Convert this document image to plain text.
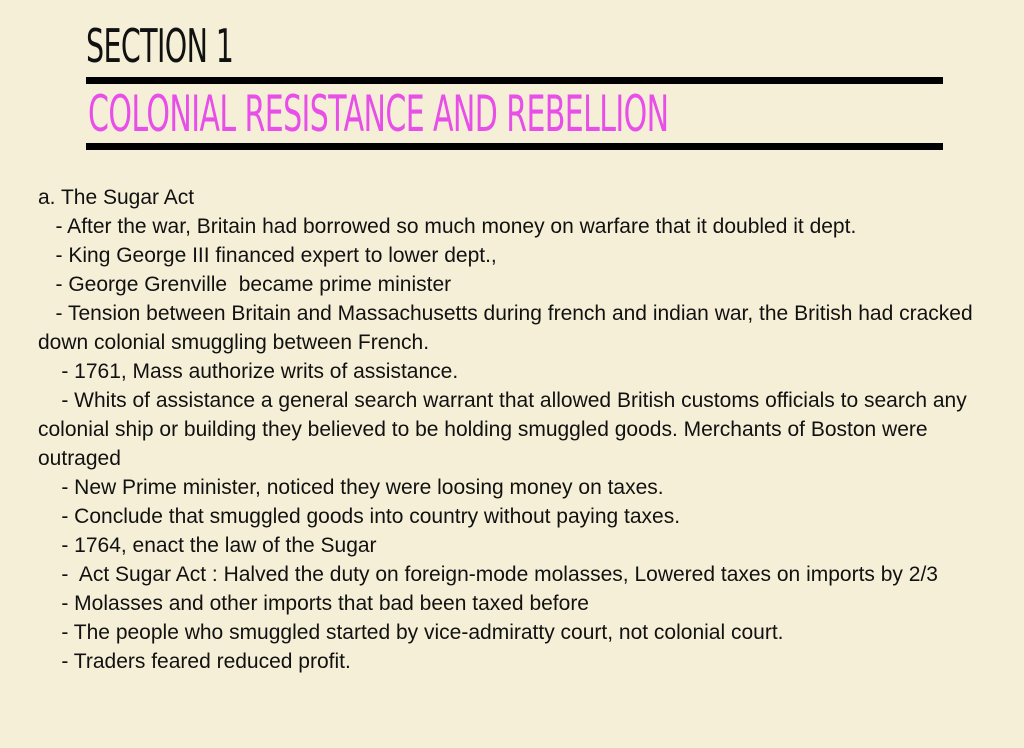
SECTION 1
COLONIAL RESISTANCE AND REBELLION

a. The Sugar Act

- After the war, Britain had borrowed so much money on warfare that it doubled it dept.

- King George III financed expert to lower dept.,

- George Grenville  became prime minister

- Tension between Britain and Massachusetts during french and indian war, the British had cracked down colonial smuggling between French.

- 1761, Mass authorize writs of assistance.

- Whits of assistance a general search warrant that allowed British customs officials to search any colonial ship or building they believed to be holding smuggled goods. Merchants of Boston were outraged

- New Prime minister, noticed they were loosing money on taxes.

- Conclude that smuggled goods into country without paying taxes.

- 1764, enact the law of the Sugar

-  Act Sugar Act : Halved the duty on foreign-mode molasses, Lowered taxes on imports by 2/3

- Molasses and other imports that bad been taxed before

- The people who smuggled started by vice-admiratty court, not colonial court.

- Traders feared reduced profit.
